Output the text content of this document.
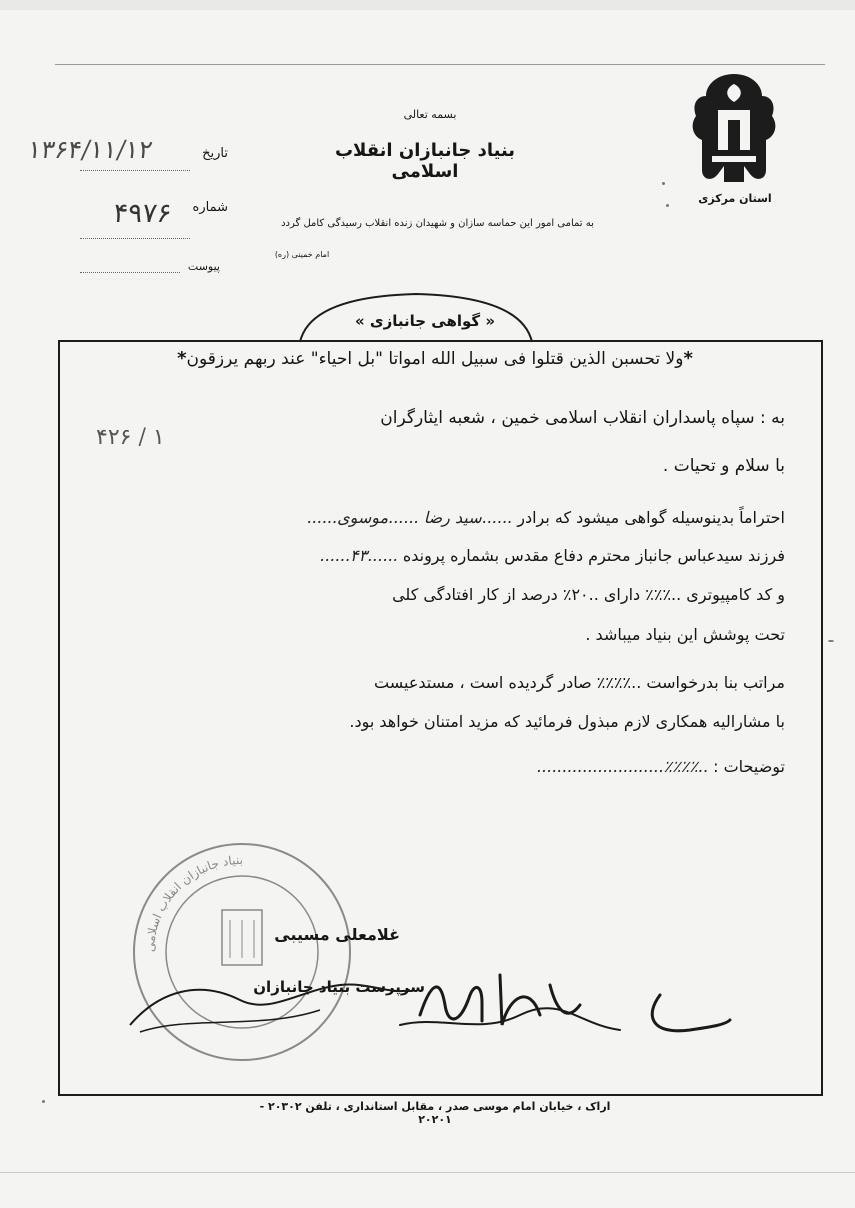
استان مرکزی
بسمه تعالی
بنیاد جانبازان انقلاب اسلامی
به تمامی امور این حماسه سازان و شهیدان زنده انقلاب رسیدگی کامل گردد
امام خمینی (ره)
تاریخ
۱۳۶۴/۱۱/۱۲
شماره
۴۹۷۶
پیوست
« گواهی جانبازی »
*ولا تحسبن الذین قتلوا فی سبیل الله امواتا "بل احیاء" عند ربهم یرزقون*
به : سپاه پاسداران انقلاب اسلامی خمین ، شعبه ایثارگران
با سلام و تحیات .
احتراماً بدینوسیله گواهی میشود که برادر ......سید رضا ......موسوی......
فرزند سیدعباس جانباز محترم دفاع مقدس بشماره پرونده ......۴۳......
و کد کامپیوتری ..٪٪٪ دارای ..۲۰٪ درصد از کار افتادگی کلی
تحت پوشش این بنیاد میباشد .
مراتب بنا بدرخواست ..٪٪٪٪ صادر گردیده است ، مستدعیست
با مشارالیه همکاری لازم مبذول فرمائید که مزید امتنان خواهد بود.
توضیحات : ..٪٪٪٪.........................
۴۲۶ / ۱
بنیاد جانبازان انقلاب اسلامی
غلامعلی مسیبی
سرپرست بنیاد جانبازان
اراک ، خیابان امام موسی صدر ، مقابل استانداری ، تلفن ۲۰۳۰۲ - ۲۰۲۰۱
